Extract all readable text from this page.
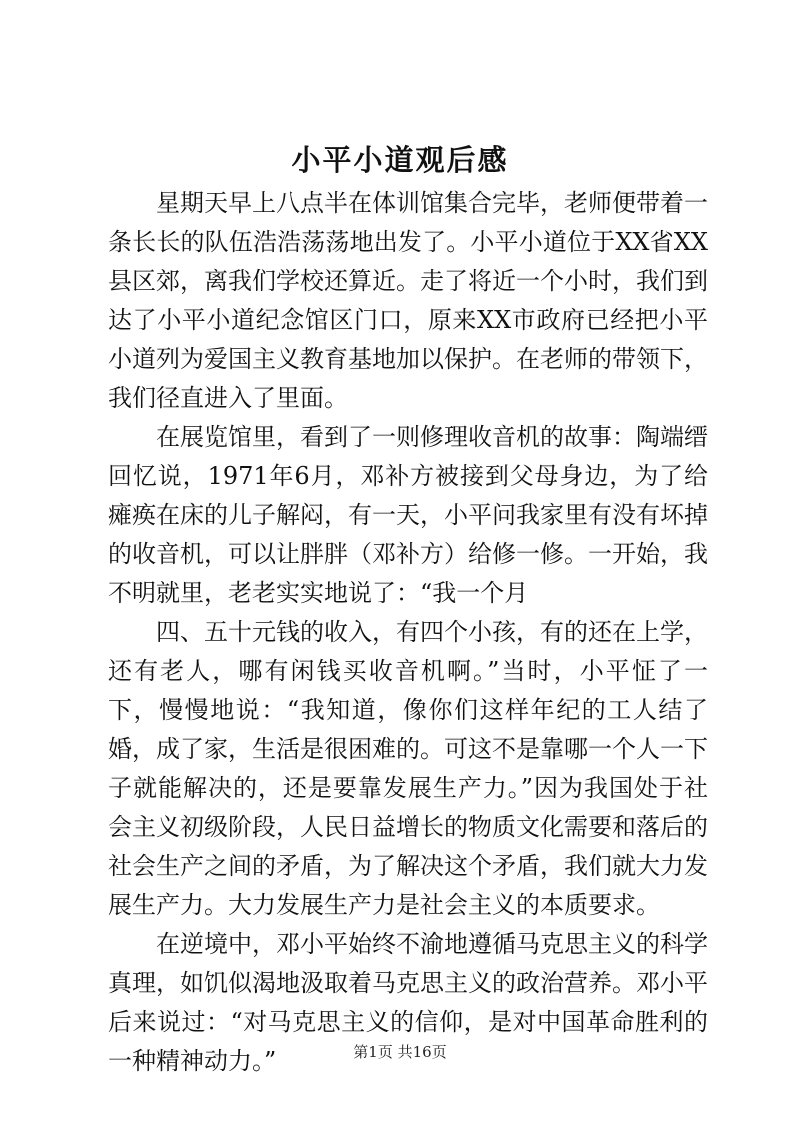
小平小道观后感

星期天早上八点半在体训馆集合完毕，老师便带着一条长长的队伍浩浩荡荡地出发了。小平小道位于XX省XX县区郊，离我们学校还算近。走了将近一个小时，我们到达了小平小道纪念馆区门口，原来XX市政府已经把小平小道列为爱国主义教育基地加以保护。在老师的带领下，我们径直进入了里面。

在展览馆里，看到了一则修理收音机的故事：陶端缙回忆说，1971年6月，邓补方被接到父母身边，为了给瘫痪在床的儿子解闷，有一天，小平问我家里有没有坏掉的收音机，可以让胖胖（邓补方）给修一修。一开始，我不明就里，老老实实地说了：“我一个月

四、五十元钱的收入，有四个小孩，有的还在上学，还有老人，哪有闲钱买收音机啊。”当时，小平怔了一下，慢慢地说：“我知道，像你们这样年纪的工人结了婚，成了家，生活是很困难的。可这不是靠哪一个人一下子就能解决的，还是要靠发展生产力。”因为我国处于社会主义初级阶段，人民日益增长的物质文化需要和落后的社会生产之间的矛盾，为了解决这个矛盾，我们就大力发展生产力。大力发展生产力是社会主义的本质要求。

在逆境中，邓小平始终不渝地遵循马克思主义的科学真理，如饥似渴地汲取着马克思主义的政治营养。邓小平后来说过：“对马克思主义的信仰，是对中国革命胜利的一种精神动力。”	第1页 共16页
